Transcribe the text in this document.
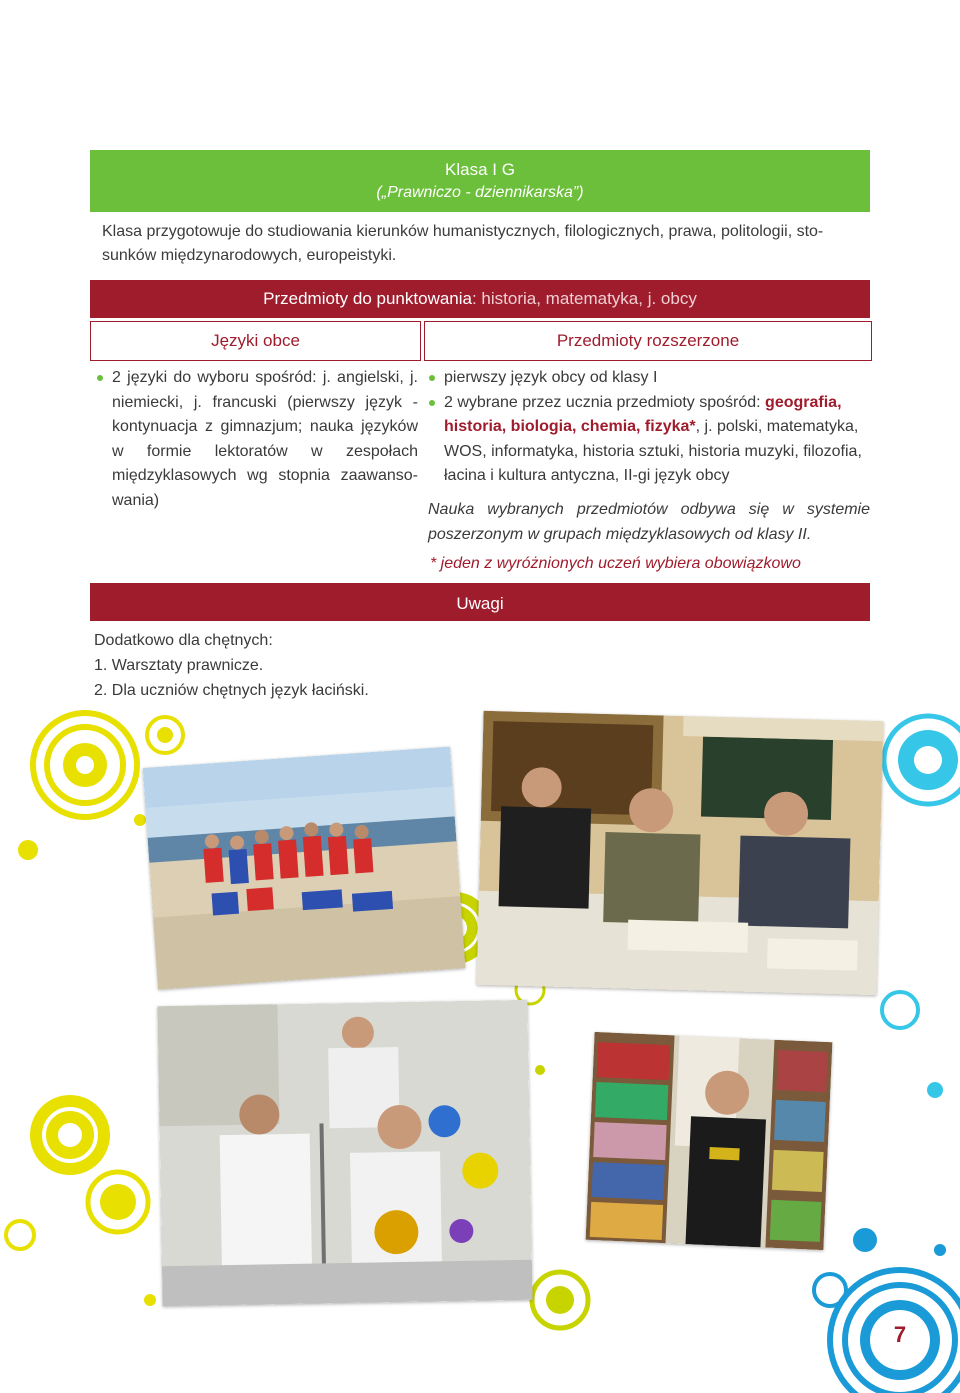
Klasa I G
(„Prawniczo - dziennikarska”)
Klasa przygotowuje do studiowania kierunków humanistycznych, filologicznych, prawa, politologii, sto-
sunków międzynarodowych, europeistyki.
Przedmioty do punktowania: historia, matematyka, j. obcy
Języki obce	Przedmioty rozszerzone
2 języki do wyboru spośród: j. angielski, j. niemiecki, j. francuski (pierwszy język - kontynuacja z gimnazjum; nauka języków w formie lektoratów w zespołach międzyklasowych wg stopnia zaawansowania)
pierwszy język obcy od klasy I
2 wybrane przez ucznia przedmioty spośród: geografia, historia, biologia, chemia, fizyka*, j. polski, matematyka, WOS, informatyka, historia sztuki, historia muzyki, filozofia, łacina i kultura antyczna, II-gi język obcy
Nauka wybranych przedmiotów odbywa się w systemie poszerzonym w grupach międzyklasowych od klasy II.
* jeden z wyróżnionych uczeń wybiera obowiązkowo
Uwagi
Dodatkowo dla chętnych:
1. Warsztaty prawnicze.
2. Dla uczniów chętnych język łaciński.
7
